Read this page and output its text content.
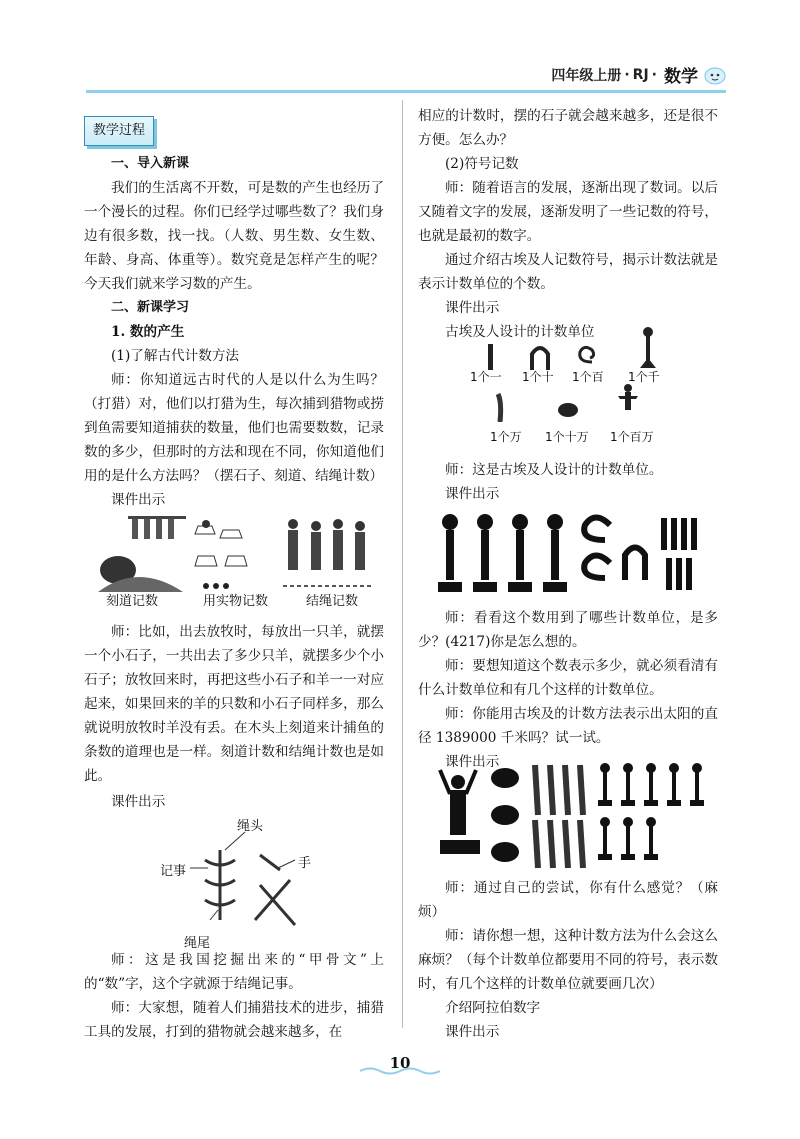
四年级上册 · RJ · 数学
教学过程

一、导入新课

我们的生活离不开数，可是数的产生也经历了一个漫长的过程。你们已经学过哪些数了？我们身边有很多数，找一找。（人数、男生数、女生数、年龄、身高、体重等）。数究竟是怎样产生的呢？今天我们就来学习数的产生。

二、新课学习

1. 数的产生

(1)了解古代计数方法

师：你知道远古时代的人是以什么为生吗？（打猎）对，他们以打猎为生，每次捕到猎物或捞到鱼需要知道捕获的数量，他们也需要数数，记录数的多少，但那时的方法和现在不同，你知道他们用的是什么方法吗？（摆石子、刻道、结绳计数）

课件出示

刻道记数	用实物记数	结绳记数

师：比如，出去放牧时，每放出一只羊，就摆一个小石子，一共出去了多少只羊，就摆多少个小石子；放牧回来时，再把这些小石子和羊一一对应起来，如果回来的羊的只数和小石子同样多，那么就说明放牧时羊没有丢。在木头上刻道来计捕鱼的条数的道理也是一样。刻道计数和结绳计数也是如此。

课件出示

绳头
记事
手
绳尾

师：这是我国挖掘出来的“甲骨文”上的“数”字，这个字就源于结绳记事。

师：大家想，随着人们捕猎技术的进步，捕猎工具的发展，打到的猎物就会越来越多，在

相应的计数时，摆的石子就会越来越多，还是很不方便。怎么办？

(2)符号记数

师：随着语言的发展，逐渐出现了数词。以后又随着文字的发展，逐渐发明了一些记数的符号，也就是最初的数字。

通过介绍古埃及人记数符号，揭示计数法就是表示计数单位的个数。

课件出示

古埃及人设计的计数单位

1个一 1个十 1个百 1个千
1个万 1个十万 1个百万

师：这是古埃及人设计的计数单位。

课件出示

师：看看这个数用到了哪些计数单位，是多少？(4217)你是怎么想的。

师：要想知道这个数表示多少，就必须看清有什么计数单位和有几个这样的计数单位。

师：你能用古埃及的计数方法表示出太阳的直径 1389000 千米吗？试一试。

课件出示

师：通过自己的尝试，你有什么感觉？（麻烦）

师：请你想一想，这种计数方法为什么会这么麻烦？（每个计数单位都要用不同的符号，表示数时，有几个这样的计数单位就要画几次）

介绍阿拉伯数字

课件出示

10
